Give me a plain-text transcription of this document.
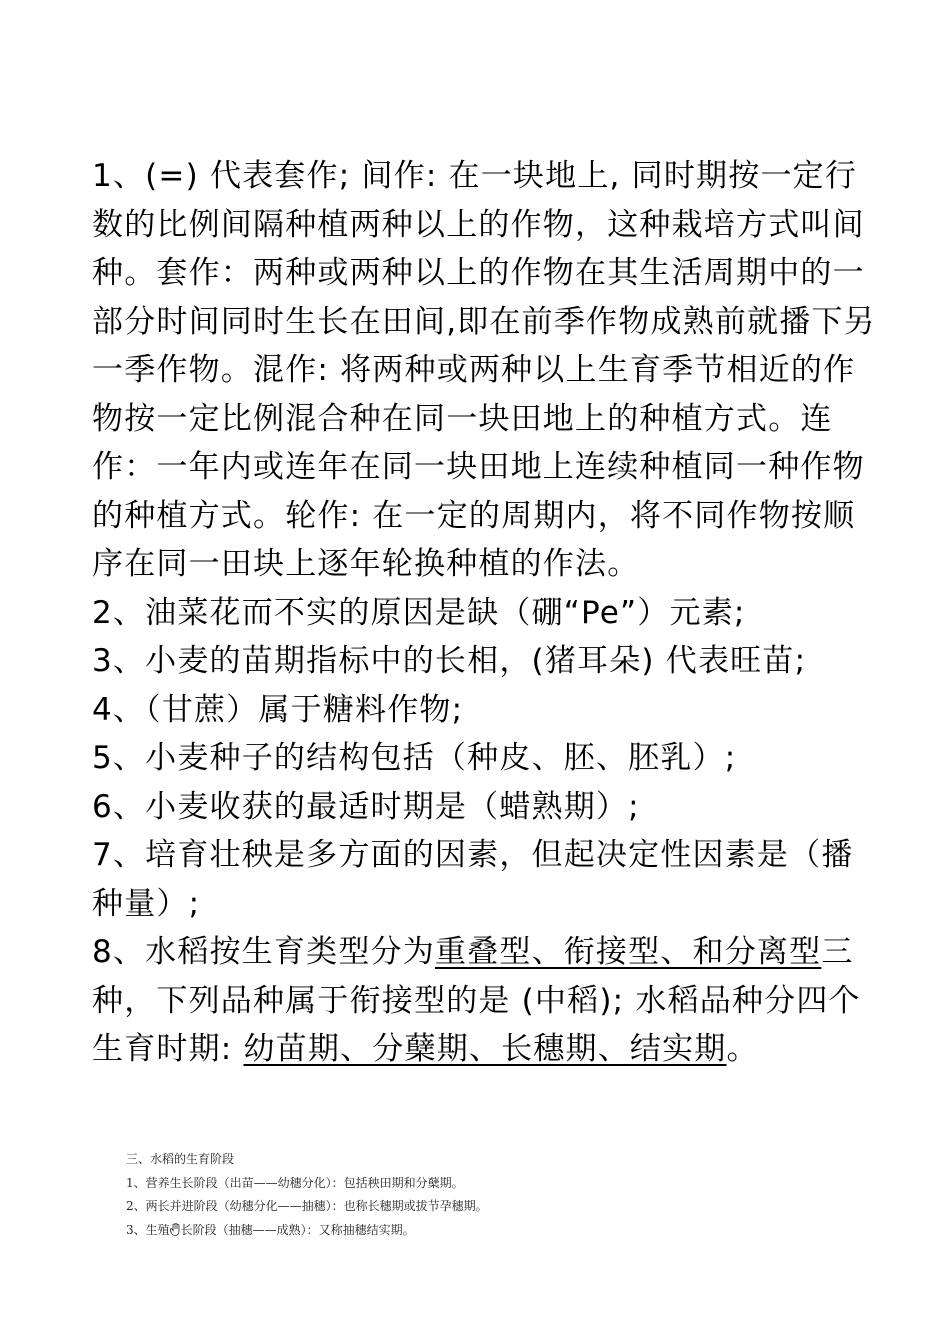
1、(=) 代表套作; 间作: 在一块地上, 同时期按一定行数的比例间隔种植两种以上的作物，这种栽培方式叫间种。套作：两种或两种以上的作物在其生活周期中的一部分时间同时生长在田间,即在前季作物成熟前就播下另一季作物。混作: 将两种或两种以上生育季节相近的作物按一定比例混合种在同一块田地上的种植方式。连作：一年内或连年在同一块田地上连续种植同一种作物的种植方式。轮作: 在一定的周期内，将不同作物按顺序在同一田块上逐年轮换种植的作法。

2、油菜花而不实的原因是缺（硼“Pe”）元素;

3、小麦的苗期指标中的长相，(猪耳朵) 代表旺苗;

4、（甘蔗）属于糖料作物;

5、小麦种子的结构包括（种皮、胚、胚乳）;

6、小麦收获的最适时期是（蜡熟期）;

7、培育壮秧是多方面的因素，但起决定性因素是（播种量）;

8、水稻按生育类型分为重叠型、衔接型、和分离型三种，下列品种属于衔接型的是 (中稻); 水稻品种分四个生育时期: 幼苗期、分蘖期、长穗期、结实期。

三、水稻的生育阶段

1、营养生长阶段（出苗——幼穗分化）：包括秧田期和分蘖期。

2、两长并进阶段（幼穗分化——抽穗）：也称长穗期或拔节孕穗期。

3、生殖 长阶段（抽穗——成熟）：又称抽穗结实期。
